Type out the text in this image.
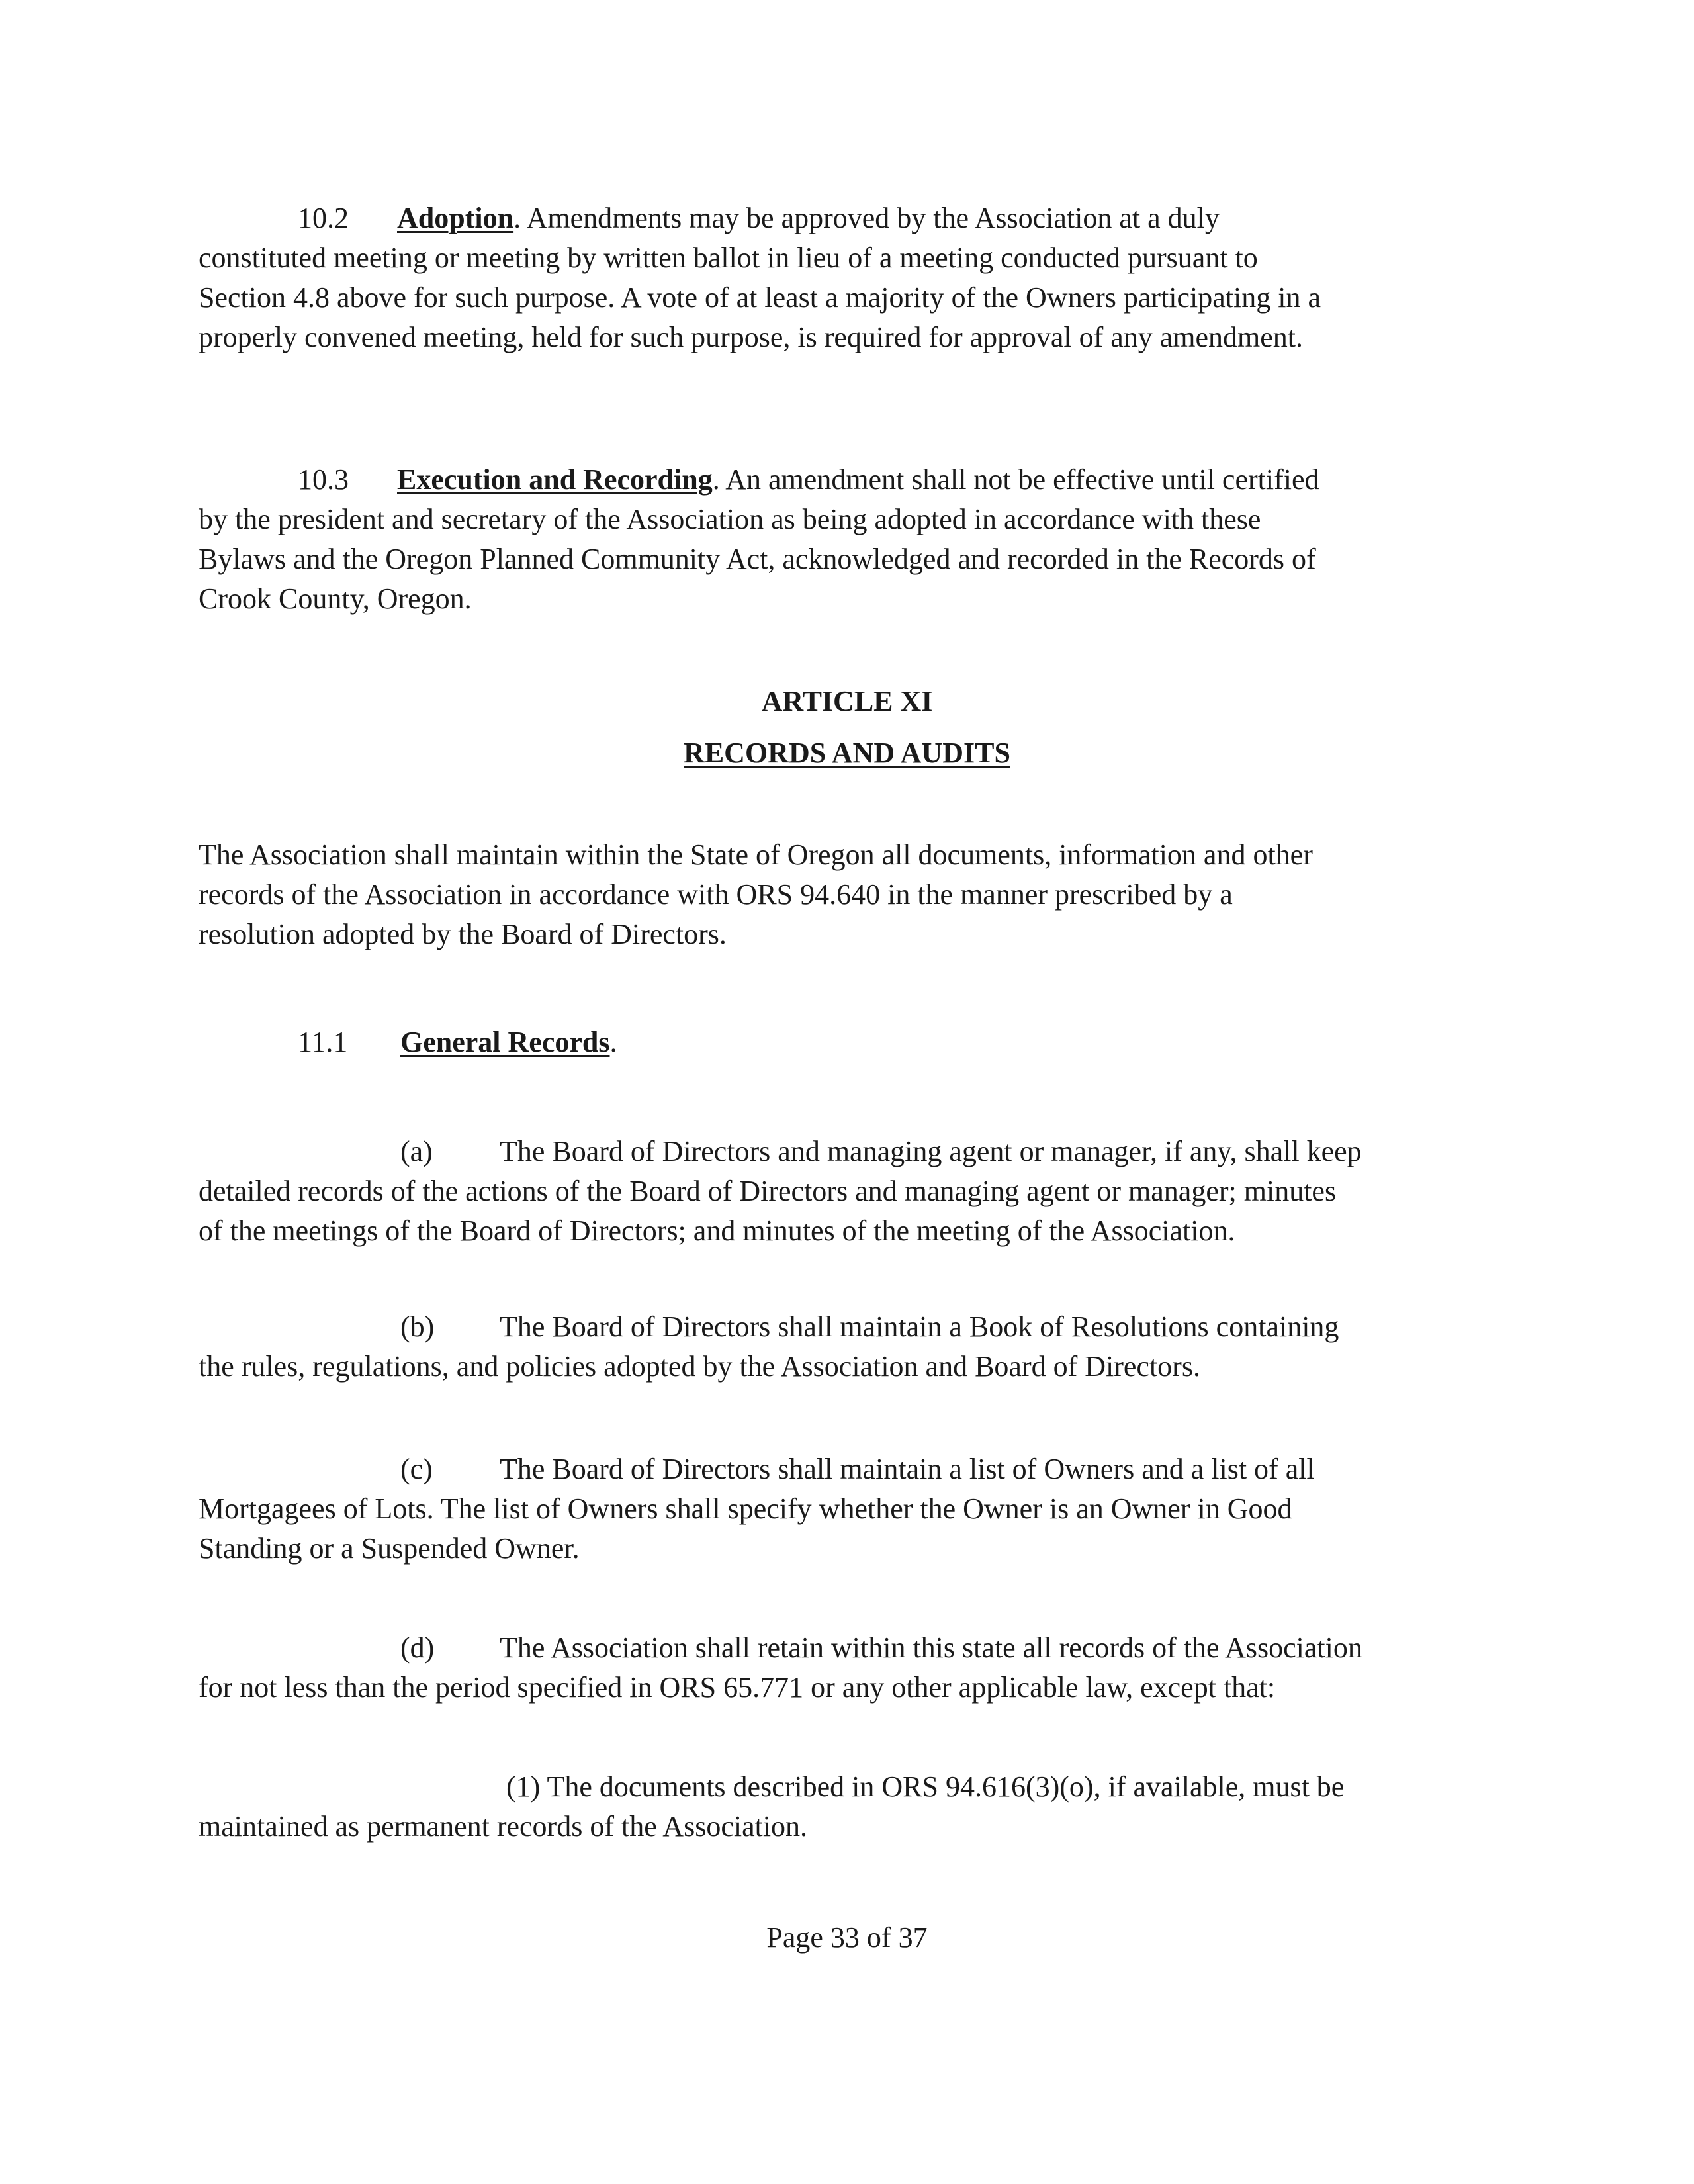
10.2 Adoption. Amendments may be approved by the Association at a duly
constituted meeting or meeting by written ballot in lieu of a meeting conducted pursuant to
Section 4.8 above for such purpose. A vote of at least a majority of the Owners participating in a
properly convened meeting, held for such purpose, is required for approval of any amendment.

10.3 Execution and Recording. An amendment shall not be effective until certified
by the president and secretary of the Association as being adopted in accordance with these
Bylaws and the Oregon Planned Community Act, acknowledged and recorded in the Records of
Crook County, Oregon.

ARTICLE XI

RECORDS AND AUDITS

The Association shall maintain within the State of Oregon all documents, information and other
records of the Association in accordance with ORS 94.640 in the manner prescribed by a
resolution adopted by the Board of Directors.

11.1 General Records.

(a) The Board of Directors and managing agent or manager, if any, shall keep
detailed records of the actions of the Board of Directors and managing agent or manager; minutes
of the meetings of the Board of Directors; and minutes of the meeting of the Association.

(b) The Board of Directors shall maintain a Book of Resolutions containing
the rules, regulations, and policies adopted by the Association and Board of Directors.

(c) The Board of Directors shall maintain a list of Owners and a list of all
Mortgagees of Lots. The list of Owners shall specify whether the Owner is an Owner in Good
Standing or a Suspended Owner.

(d) The Association shall retain within this state all records of the Association
for not less than the period specified in ORS 65.771 or any other applicable law, except that:

(1) The documents described in ORS 94.616(3)(o), if available, must be
maintained as permanent records of the Association.

Page 33 of 37
